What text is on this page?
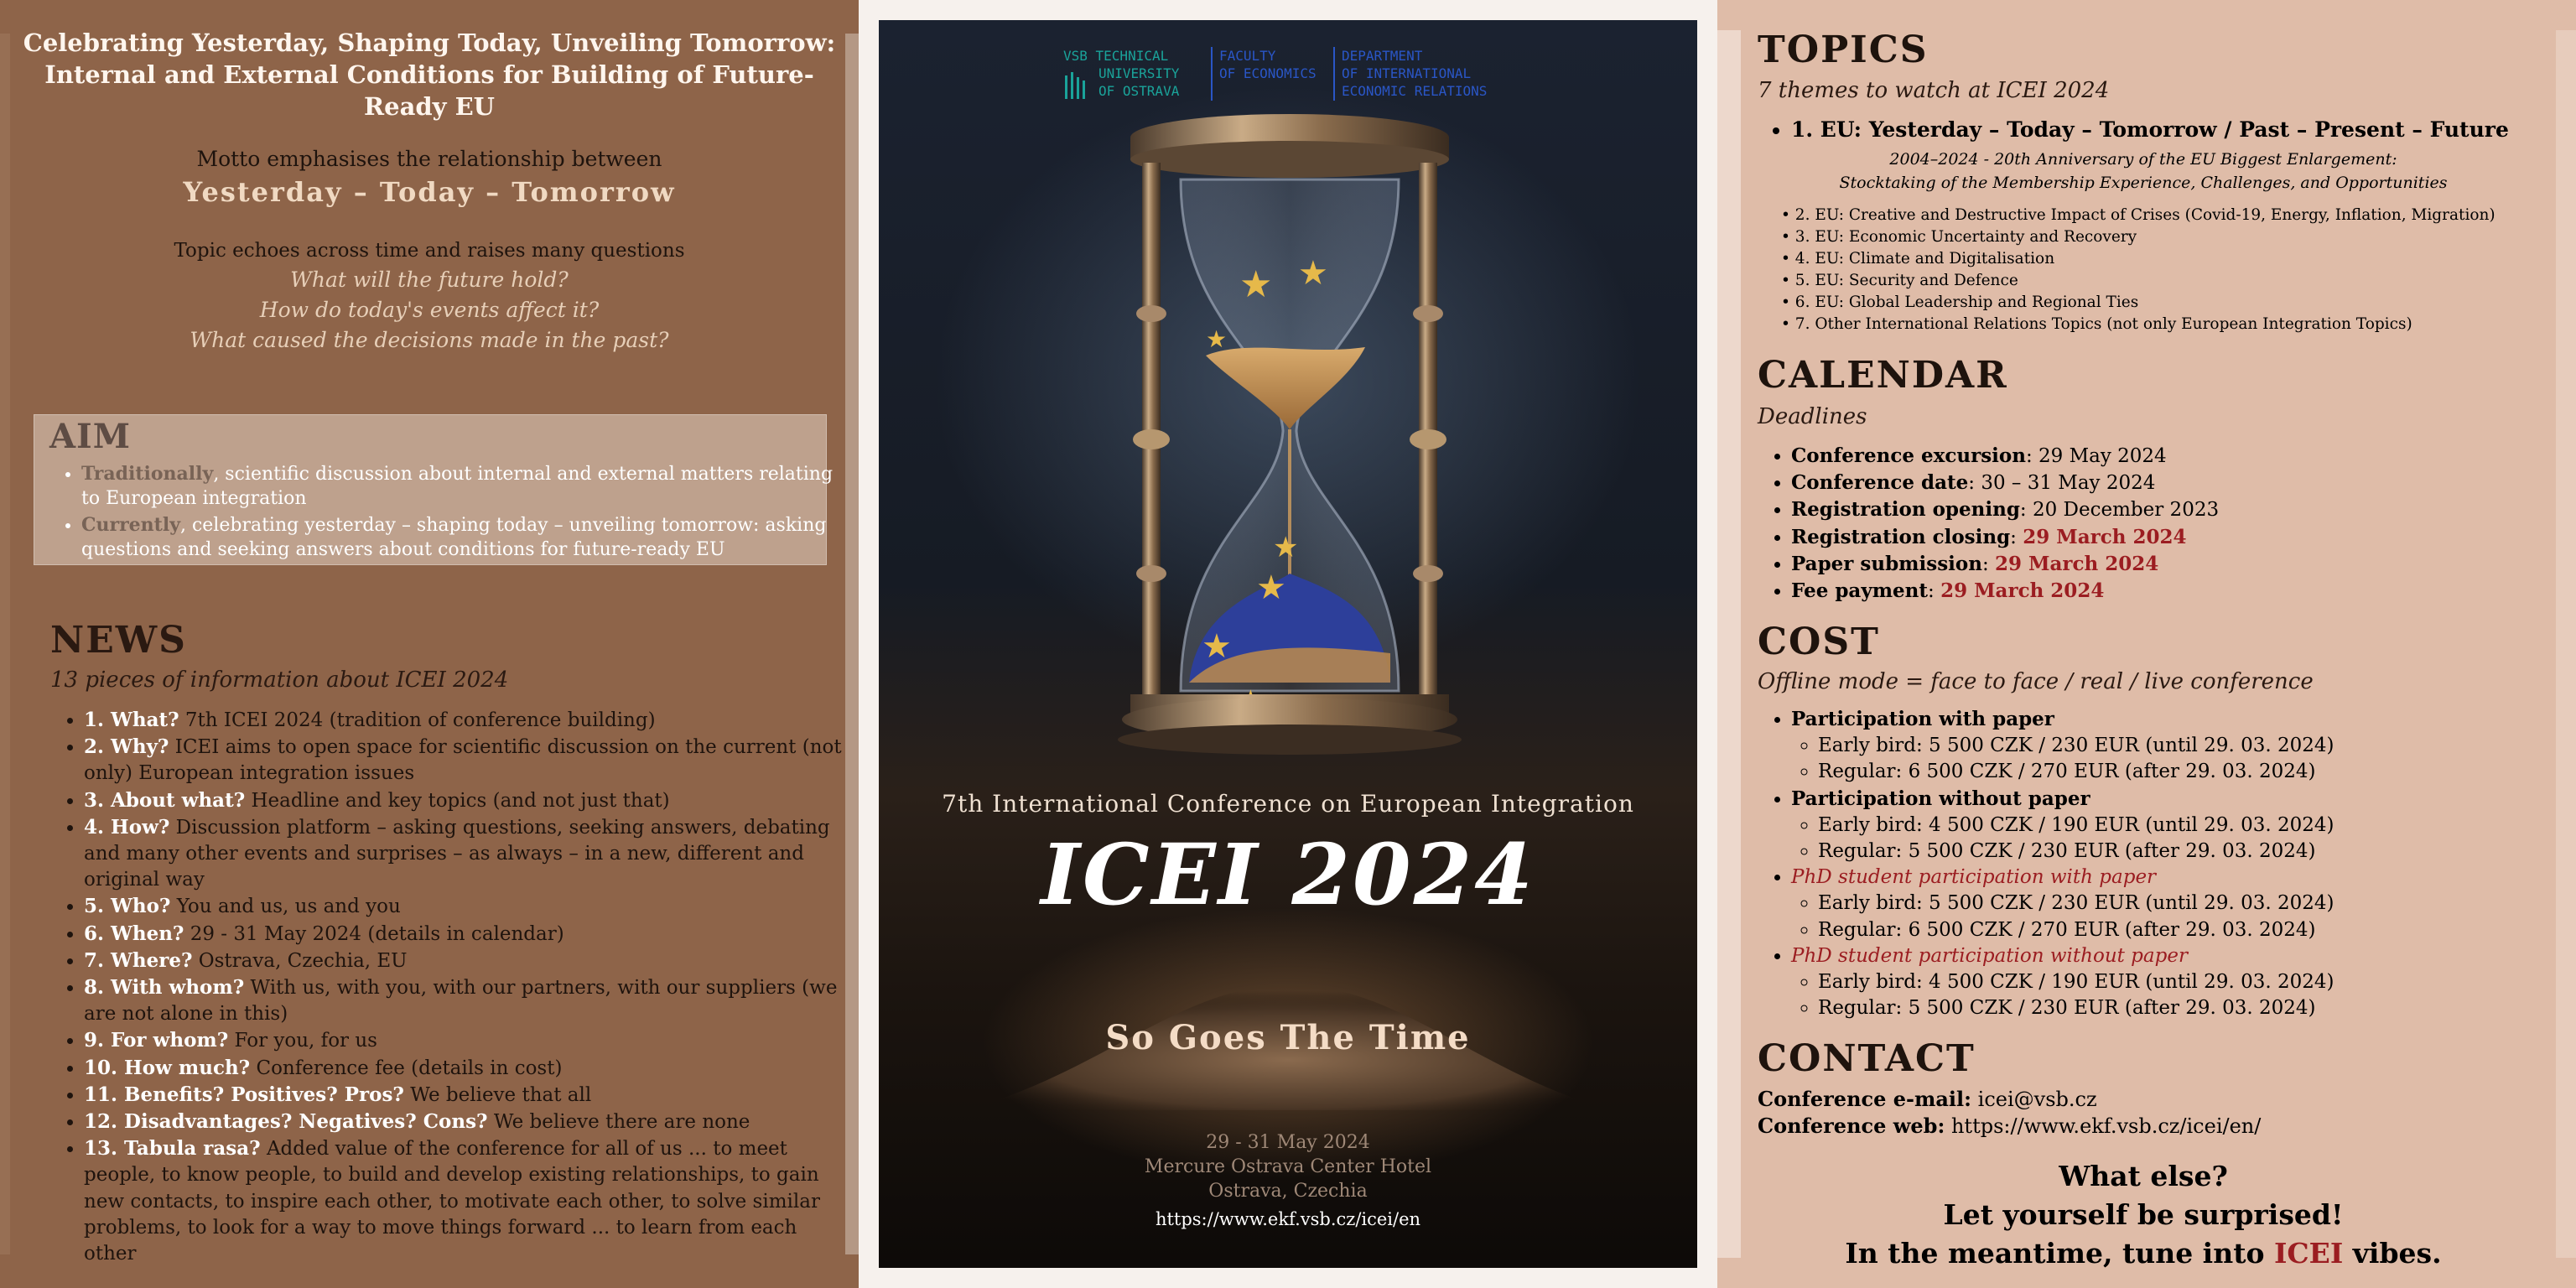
Celebrating Yesterday, Shaping Today, Unveiling Tomorrow:
Internal and External Conditions for Building of Future-Ready EU
Motto emphasises the relationship between
Yesterday – Today – Tomorrow
Topic echoes across time and raises many questions
What will the future hold?
How do today's events affect it?
What caused the decisions made in the past?
AIM
• Traditionally, scientific discussion about internal and external matters relating to European integration
• Currently, celebrating yesterday – shaping today – unveiling tomorrow: asking questions and seeking answers about conditions for future-ready EU
NEWS
13 pieces of information about ICEI 2024
• 1. What? 7th ICEI 2024 (tradition of conference building)
• 2. Why? ICEI aims to open space for scientific discussion on the current (not only) European integration issues
• 3. About what? Headline and key topics (and not just that)
• 4. How? Discussion platform – asking questions, seeking answers, debating and many other events and surprises – as always – in a new, different and original way
• 5. Who? You and us, us and you
• 6. When? 29 - 31 May 2024 (details in calendar)
• 7. Where? Ostrava, Czechia, EU
• 8. With whom? With us, with you, with our partners, with our suppliers (we are not alone in this)
• 9. For whom? For you, for us
• 10. How much? Conference fee (details in cost)
• 11. Benefits? Positives? Pros? We believe that all
• 12. Disadvantages? Negatives? Cons? We believe there are none
• 13. Tabula rasa? Added value of the conference for all of us ... to meet people, to know people, to build and develop existing relationships, to gain new contacts, to inspire each other, to motivate each other, to solve similar problems, to look for a way to move things forward ... to learn from each other
VSB TECHNICAL
UNIVERSITY
OF OSTRAVA
FACULTY
OF ECONOMICS
DEPARTMENT
OF INTERNATIONAL
ECONOMIC RELATIONS
★ ★
★
★
★
★
7th International Conference on European Integration
ICEI 2024
So Goes The Time
29 - 31 May 2024
Mercure Ostrava Center Hotel
Ostrava, Czechia
https://www.ekf.vsb.cz/icei/en
TOPICS
7 themes to watch at ICEI 2024
• 1. EU: Yesterday – Today – Tomorrow / Past – Present – Future
2004–2024 - 20th Anniversary of the EU Biggest Enlargement:
Stocktaking of the Membership Experience, Challenges, and Opportunities
• 2. EU: Creative and Destructive Impact of Crises (Covid-19, Energy, Inflation, Migration)
• 3. EU: Economic Uncertainty and Recovery
• 4. EU: Climate and Digitalisation
• 5. EU: Security and Defence
• 6. EU: Global Leadership and Regional Ties
• 7. Other International Relations Topics (not only European Integration Topics)
CALENDAR
Deadlines
• Conference excursion: 29 May 2024
• Conference date: 30 – 31 May 2024
• Registration opening: 20 December 2023
• Registration closing: 29 March 2024
• Paper submission: 29 March 2024
• Fee payment: 29 March 2024
COST
Offline mode = face to face / real / live conference
• Participation with paper
◦ Early bird: 5 500 CZK / 230 EUR (until 29. 03. 2024)
◦ Regular: 6 500 CZK / 270 EUR (after 29. 03. 2024)
• Participation without paper
◦ Early bird: 4 500 CZK / 190 EUR (until 29. 03. 2024)
◦ Regular: 5 500 CZK / 230 EUR (after 29. 03. 2024)
• PhD student participation with paper
◦ Early bird: 5 500 CZK / 230 EUR (until 29. 03. 2024)
◦ Regular: 6 500 CZK / 270 EUR (after 29. 03. 2024)
• PhD student participation without paper
◦ Early bird: 4 500 CZK / 190 EUR (until 29. 03. 2024)
◦ Regular: 5 500 CZK / 230 EUR (after 29. 03. 2024)
CONTACT
Conference e-mail: icei@vsb.cz
Conference web: https://www.ekf.vsb.cz/icei/en/
What else?
Let yourself be surprised!
In the meantime, tune into ICEI vibes.
